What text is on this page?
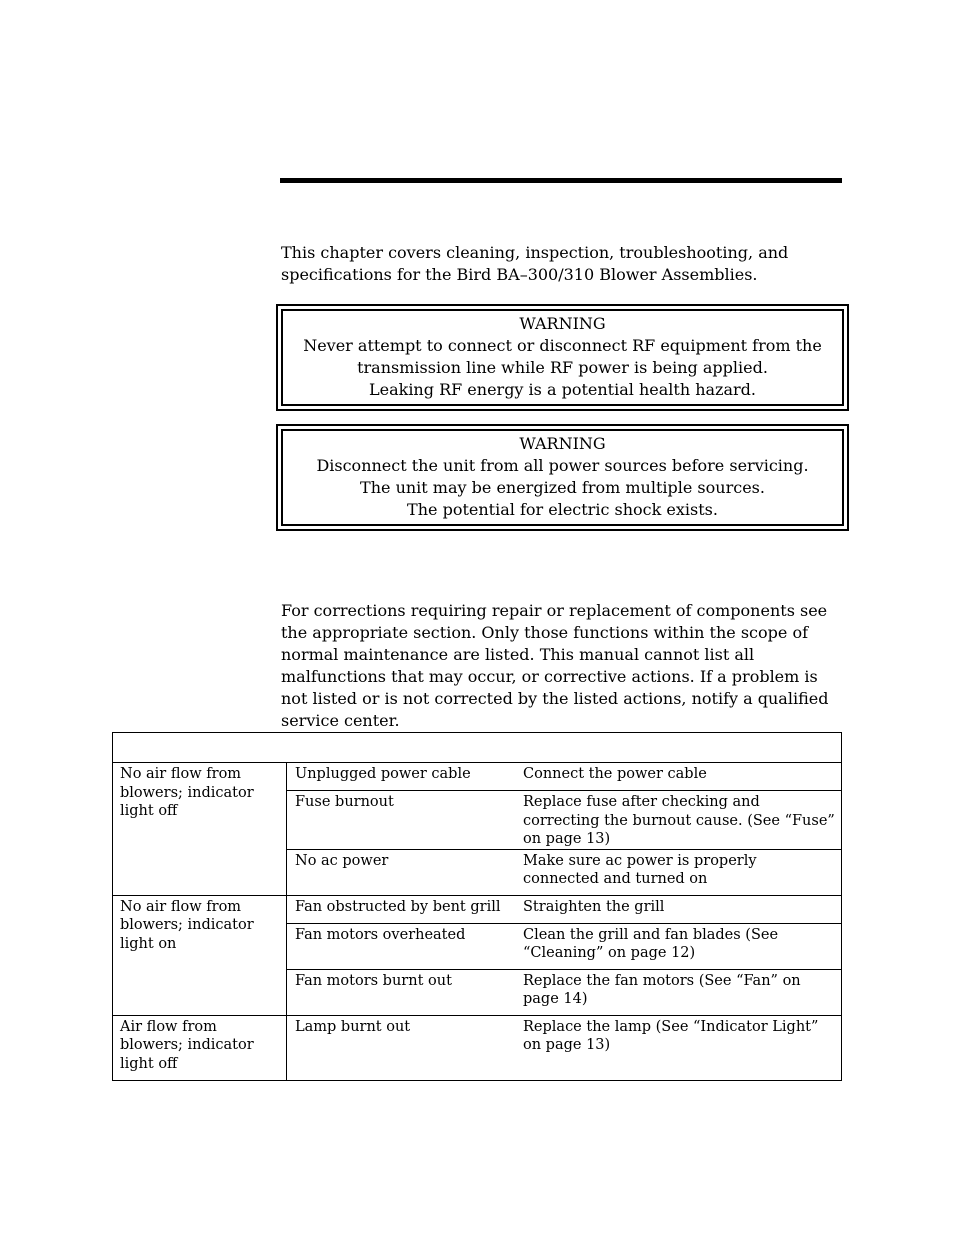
This chapter covers cleaning, inspection, troubleshooting, and specifications for the Bird BA–300/310 Blower Assemblies.
WARNING
Never attempt to connect or disconnect RF equipment from the
transmission line while RF power is being applied.
Leaking RF energy is a potential health hazard.
WARNING
Disconnect the unit from all power sources before servicing.
The unit may be energized from multiple sources.
The potential for electric shock exists.
For corrections requiring repair or replacement of components see the appropriate section. Only those functions within the scope of normal maintenance are listed. This manual cannot list all malfunctions that may occur, or corrective actions. If a problem is not listed or is not corrected by the listed actions, notify a qualified service center.

No air flow from blowers; indicator light off	Unplugged power cable	Connect the power cable
	Fuse burnout	Replace fuse after checking and correcting the burnout cause. (See “Fuse” on page 13)
	No ac power	Make sure ac power is properly connected and turned on
No air flow from blowers; indicator light on	Fan obstructed by bent grill	Straighten the grill
	Fan motors overheated	Clean the grill and fan blades (See “Cleaning” on page 12)
	Fan motors burnt out	Replace the fan motors (See “Fan” on page 14)
Air flow from blowers; indicator light off	Lamp burnt out	Replace the lamp (See “Indicator Light” on page 13)
